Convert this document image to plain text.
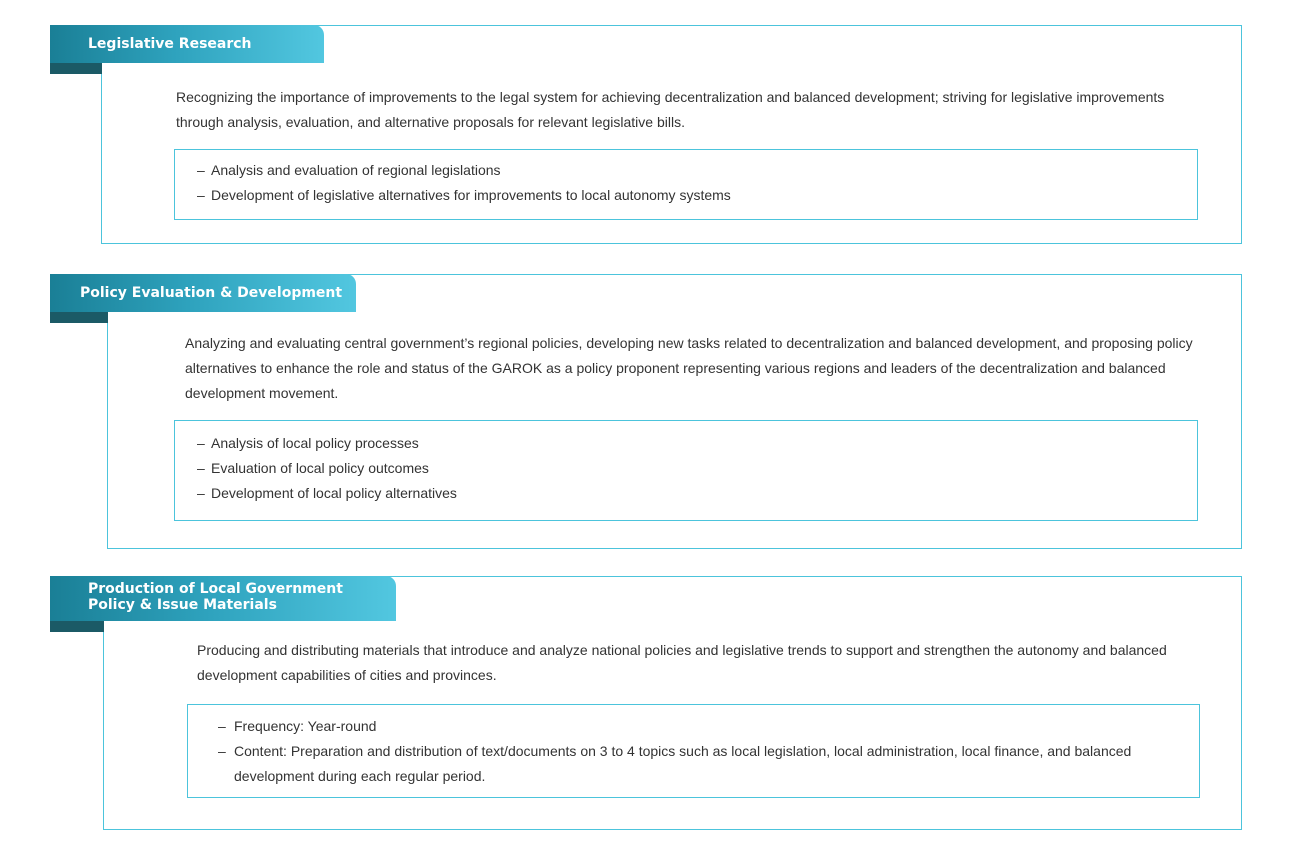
Legislative Research
Recognizing the importance of improvements to the legal system for achieving decentralization and balanced development; striving for legislative improvements through analysis, evaluation, and alternative proposals for relevant legislative bills.
– Analysis and evaluation of regional legislations
– Development of legislative alternatives for improvements to local autonomy systems
Policy Evaluation & Development
Analyzing and evaluating central government’s regional policies, developing new tasks related to decentralization and balanced development, and proposing policy alternatives to enhance the role and status of the GAROK as a policy proponent representing various regions and leaders of the decentralization and balanced development movement.
– Analysis of local policy processes
– Evaluation of local policy outcomes
– Development of local policy alternatives
Production of Local Government
Policy & Issue Materials
Producing and distributing materials that introduce and analyze national policies and legislative trends to support and strengthen the autonomy and balanced development capabilities of cities and provinces.
– Frequency: Year-round
– Content: Preparation and distribution of text/documents on 3 to 4 topics such as local legislation, local administration, local finance, and balanced development during each regular period.
